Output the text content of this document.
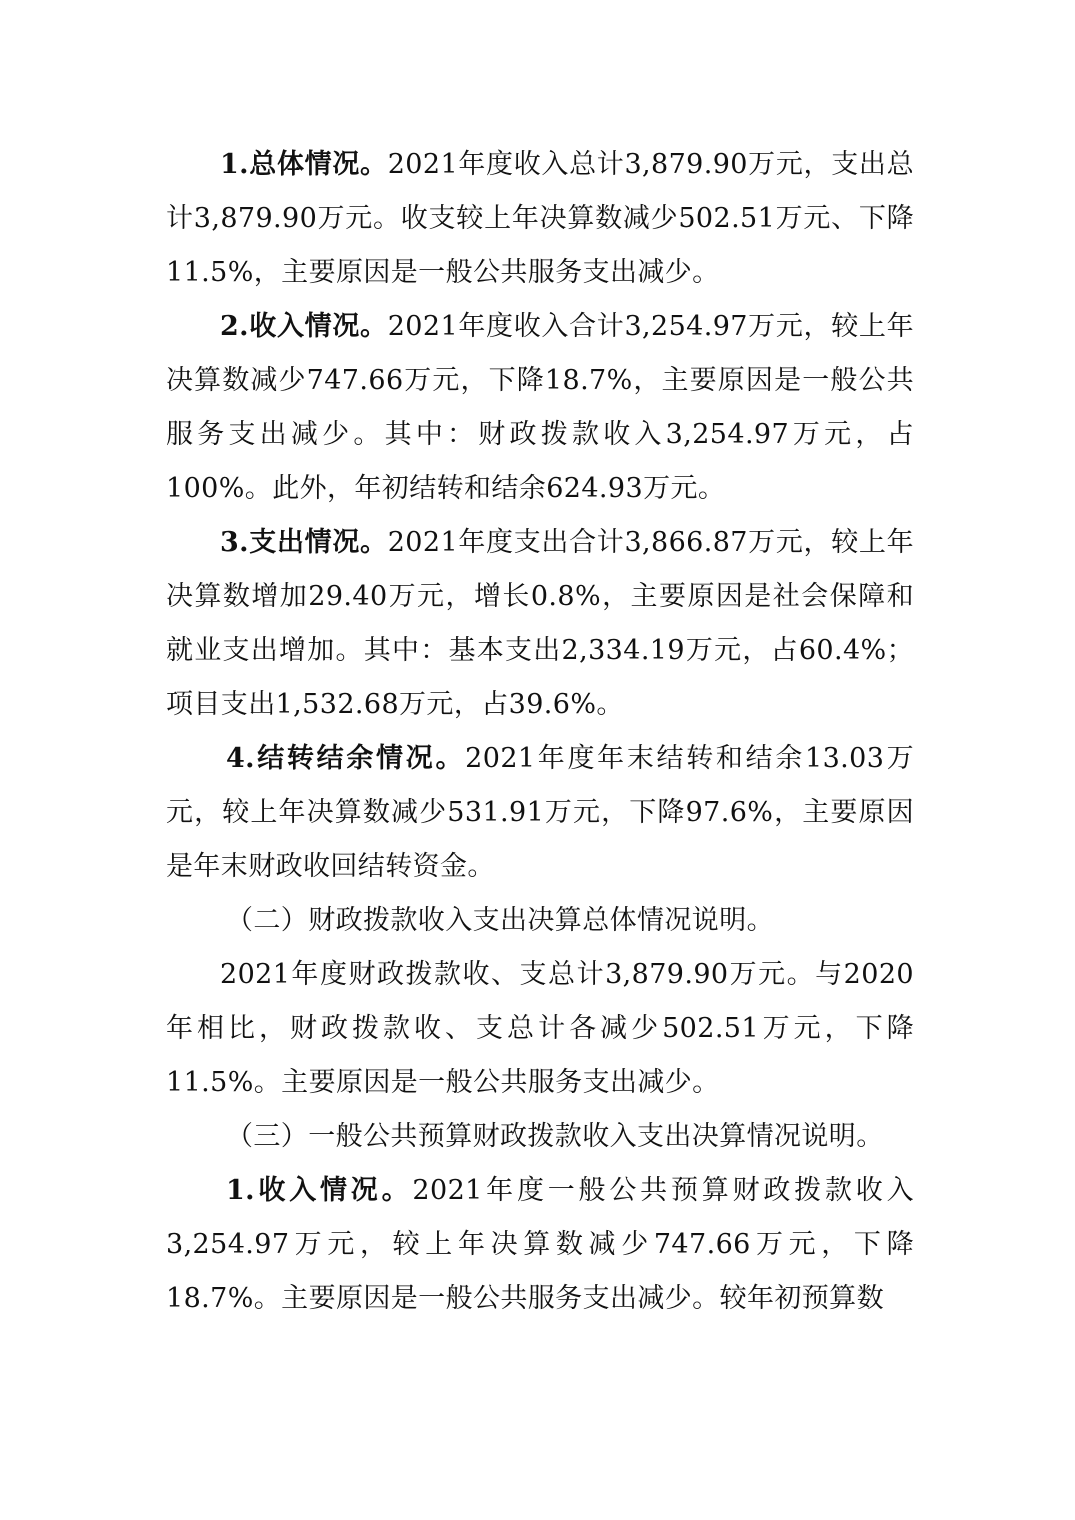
1.总体情况。2021年度收入总计3,879.90万元，支出总计3,879.90万元。收支较上年决算数减少502.51万元、下降11.5%，主要原因是一般公共服务支出减少。

2.收入情况。2021年度收入合计3,254.97万元，较上年决算数减少747.66万元，下降18.7%，主要原因是一般公共服务支出减少。其中：财政拨款收入3,254.97万元，占100%。此外，年初结转和结余624.93万元。

3.支出情况。2021年度支出合计3,866.87万元，较上年决算数增加29.40万元，增长0.8%，主要原因是社会保障和就业支出增加。其中：基本支出2,334.19万元，占60.4%；项目支出1,532.68万元，占39.6%。

4.结转结余情况。2021年度年末结转和结余13.03万元，较上年决算数减少531.91万元，下降97.6%，主要原因是年末财政收回结转资金。

（二）财政拨款收入支出决算总体情况说明。

2021年度财政拨款收、支总计3,879.90万元。与2020年相比，财政拨款收、支总计各减少502.51万元，下降11.5%。主要原因是一般公共服务支出减少。

（三）一般公共预算财政拨款收入支出决算情况说明。

1.收入情况。2021年度一般公共预算财政拨款收入3,254.97万元，较上年决算数减少747.66万元，下降18.7%。主要原因是一般公共服务支出减少。较年初预算数
